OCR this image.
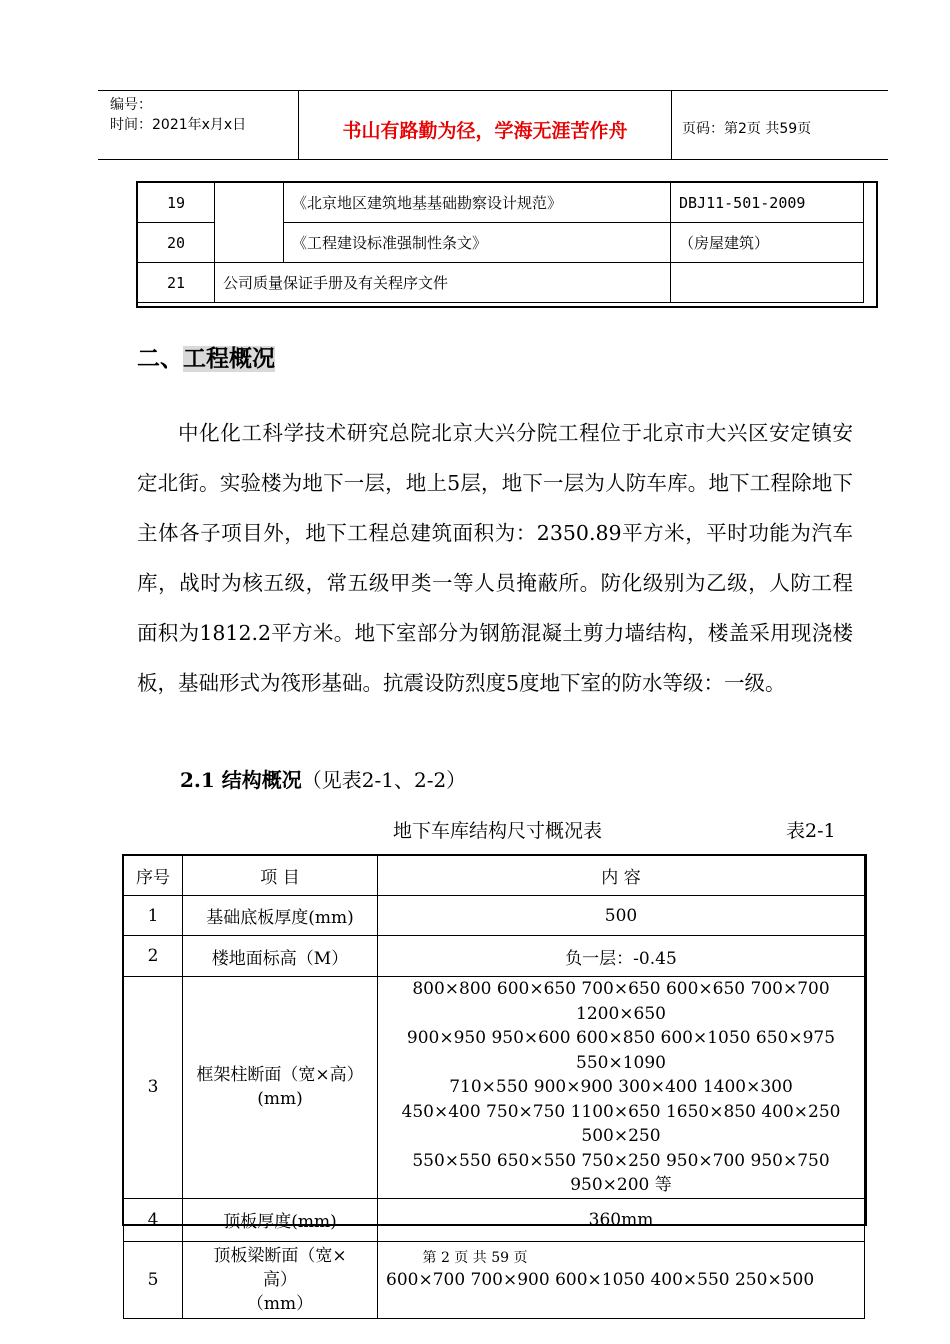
编号：
时间：2021年x月x日	书山有路勤为径，学海无涯苦作舟	页码：第2页 共59页
19		《北京地区建筑地基基础勘察设计规范》	DBJ11-501-2009
20		《工程建设标准强制性条文》	（房屋建筑）
21	公司质量保证手册及有关程序文件		
二、工程概况

中化化工科学技术研究总院北京大兴分院工程位于北京市大兴区安定镇安定北街。实验楼为地下一层，地上5层，地下一层为人防车库。地下工程除地下主体各子项目外，地下工程总建筑面积为：2350.89平方米，平时功能为汽车库，战时为核五级，常五级甲类一等人员掩蔽所。防化级别为乙级，人防工程面积为1812.2平方米。地下室部分为钢筋混凝土剪力墙结构，楼盖采用现浇楼板，基础形式为筏形基础。抗震设防烈度5度地下室的防水等级：一级。

2.1 结构概况（见表2-1、2-2）
地下车库结构尺寸概况表	表2-1
序号	项 目	内 容
1	基础底板厚度(mm)	500
2	楼地面标高（M）	负一层：-0.45
3	框架柱断面（宽×高）(mm)	800×800 600×650 700×650 600×650 700×700 1200×650
900×950 950×600 600×850 600×1050 650×975 550×1090
710×550 900×900 300×400 1400×300
450×400 750×750 1100×650 1650×850 400×250 500×250
550×550 650×550 750×250 950×700 950×750 950×200 等

4	顶板厚度(mm)	360mm
5	顶板梁断面（宽×
高）
（mm）	600×700 700×900 600×1050 400×550 250×500
第 2 页 共 59 页
